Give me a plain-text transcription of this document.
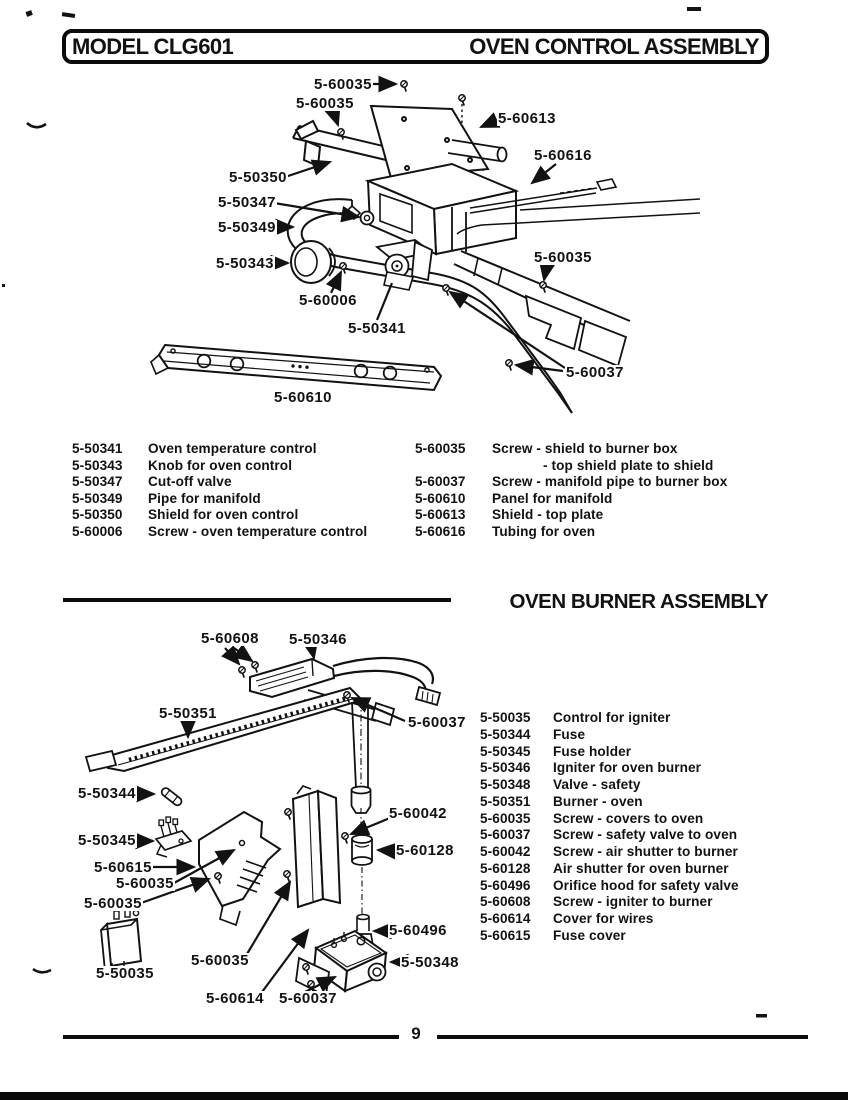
MODEL CLG601	OVEN CONTROL ASSEMBLY
OVEN BURNER ASSEMBLY
5-60035
5-60035
5-60613
5-60616
5-50350
5-50347
5-50349
5-50343
5-60006
5-50341
5-60035
5-60037
5-60610
5-60608 5-50346
5-50351
5-60037
5-50344
5-50345
5-60615
5-60035
5-60035
5-60042
5-60128
5-50035
5-60035
5-60496
5-50348
5-60614 5-60037
5-50341	Oven temperature control
5-50343	Knob for oven control
5-50347	Cut-off valve
5-50349	Pipe for manifold
5-50350	Shield for oven control
5-60006	Screw - oven temperature control
5-60035	Screw - shield to burner box
- top shield plate to shield
5-60037	Screw - manifold pipe to burner box
5-60610	Panel for manifold
5-60613	Shield - top plate
5-60616	Tubing for oven
5-50035	Control for igniter
5-50344	Fuse
5-50345	Fuse holder
5-50346	Igniter for oven burner
5-50348	Valve - safety
5-50351	Burner - oven
5-60035	Screw - covers to oven
5-60037	Screw - safety valve to oven
5-60042	Screw - air shutter to burner
5-60128	Air shutter for oven burner
5-60496	Orifice hood for safety valve
5-60608	Screw - igniter to burner
5-60614	Cover for wires
5-60615	Fuse cover
9
